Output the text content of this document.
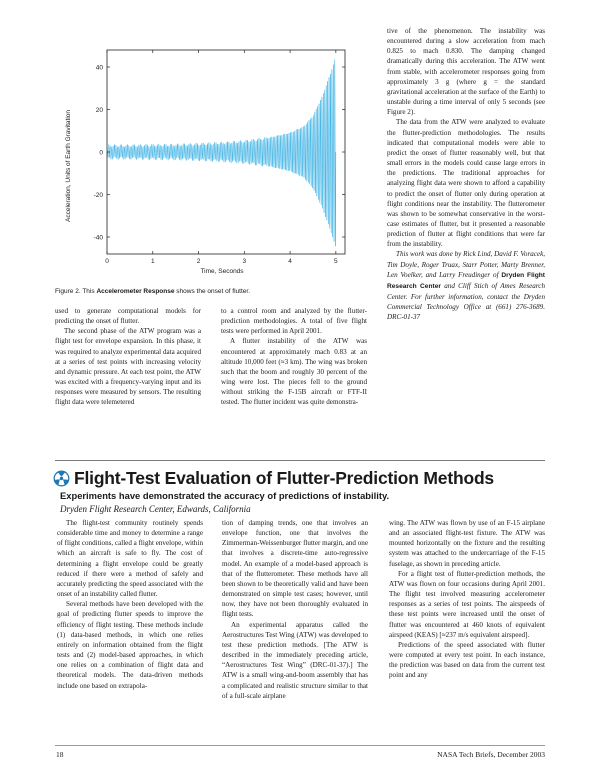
0	1	2	3	4	5
40
20
0
-20
-40
Time, Seconds
Acceleration, Units of Earth Gravitation
Figure 2. This Accelerometer Response shows the onset of flutter.

used to generate computational models for predicting the onset of flutter.

The second phase of the ATW program was a flight test for envelope expansion. In this phase, it was required to analyze experimental data acquired at a series of test points with increasing velocity and dynamic pressure. At each test point, the ATW was excited with a frequency-varying input and its responses were measured by sensors. The resulting flight data were telemetered

to a control room and analyzed by the flutter-prediction methodologies. A total of five flight tests were performed in April 2001.

A flutter instability of the ATW was encountered at approximately mach 0.83 at an altitude 10,000 feet (≈3 km). The wing was broken such that the boom and roughly 30 percent of the wing were lost. The pieces fell to the ground without striking the F-15B aircraft or FTF-II tested. The flutter incident was quite demonstra-

tive of the phenomenon. The instability was encountered during a slow acceleration from mach 0.825 to mach 0.830. The damping changed dramatically during this acceleration. The ATW went from stable, with accelerometer responses going from approximately 3 g (where g = the standard gravitational acceleration at the surface of the Earth) to unstable during a time interval of only 5 seconds (see Figure 2).

The data from the ATW were analyzed to evaluate the flutter-prediction methodologies. The results indicated that computational models were able to predict the onset of flutter reasonably well, but that small errors in the models could cause large errors in the predictions. The traditional approaches for analyzing flight data were shown to afford a capability to predict the onset of flutter only during operation at flight conditions near the instability. The flutterometer was shown to be somewhat conservative in the worst-case estimates of flutter, but it presented a reasonable prediction of flutter at flight conditions that were far from the instability.

This work was done by Rick Lind, David F. Voracek, Tim Doyle, Roger Truax, Starr Potter, Marty Brenner, Len Voelker, and Larry Freudinger of Dryden Flight Research Center and Cliff Stich of Ames Research Center. For further information, contact the Dryden Commercial Technology Office at (661) 276-3689. DRC-01-37

Flight-Test Evaluation of Flutter-Prediction Methods
Experiments have demonstrated the accuracy of predictions of instability.
Dryden Flight Research Center, Edwards, California

The flight-test community routinely spends considerable time and money to determine a range of flight conditions, called a flight envelope, within which an aircraft is safe to fly. The cost of determining a flight envelope could be greatly reduced if there were a method of safely and accurately predicting the speed associated with the onset of an instability called flutter.

Several methods have been developed with the goal of predicting flutter speeds to improve the efficiency of flight testing. These methods include (1) data-based methods, in which one relies entirely on information obtained from the flight tests and (2) model-based approaches, in which one relies on a combination of flight data and theoretical models. The data-driven methods include one based on extrapola-

tion of damping trends, one that involves an envelope function, one that involves the Zimmerman-Weissenburger flutter margin, and one that involves a discrete-time auto-regressive model. An example of a model-based approach is that of the flutterometer. These methods have all been shown to be theoretically valid and have been demonstrated on simple test cases; however, until now, they have not been thoroughly evaluated in flight tests.

An experimental apparatus called the Aerostructures Test Wing (ATW) was developed to test these prediction methods. [The ATW is described in the immediately preceding article, “Aerostructures Test Wing” (DRC-01-37).] The ATW is a small wing-and-boom assembly that has a complicated and realistic structure similar to that of a full-scale airplane

wing. The ATW was flown by use of an F-15 airplane and an associated flight-test fixture. The ATW was mounted horizontally on the fixture and the resulting system was attached to the undercarriage of the F-15 fuselage, as shown in preceding article.

For a flight test of flutter-prediction methods, the ATW was flown on four occasions during April 2001. The flight test involved measuring accelerometer responses as a series of test points. The airspeeds of these test points were increased until the onset of flutter was encountered at 460 knots of equivalent airspeed (KEAS) [≈237 m/s equivalent airspeed].

Predictions of the speed associated with flutter were computed at every test point. In each instance, the prediction was based on data from the current test point and any

18	NASA Tech Briefs, December 2003
